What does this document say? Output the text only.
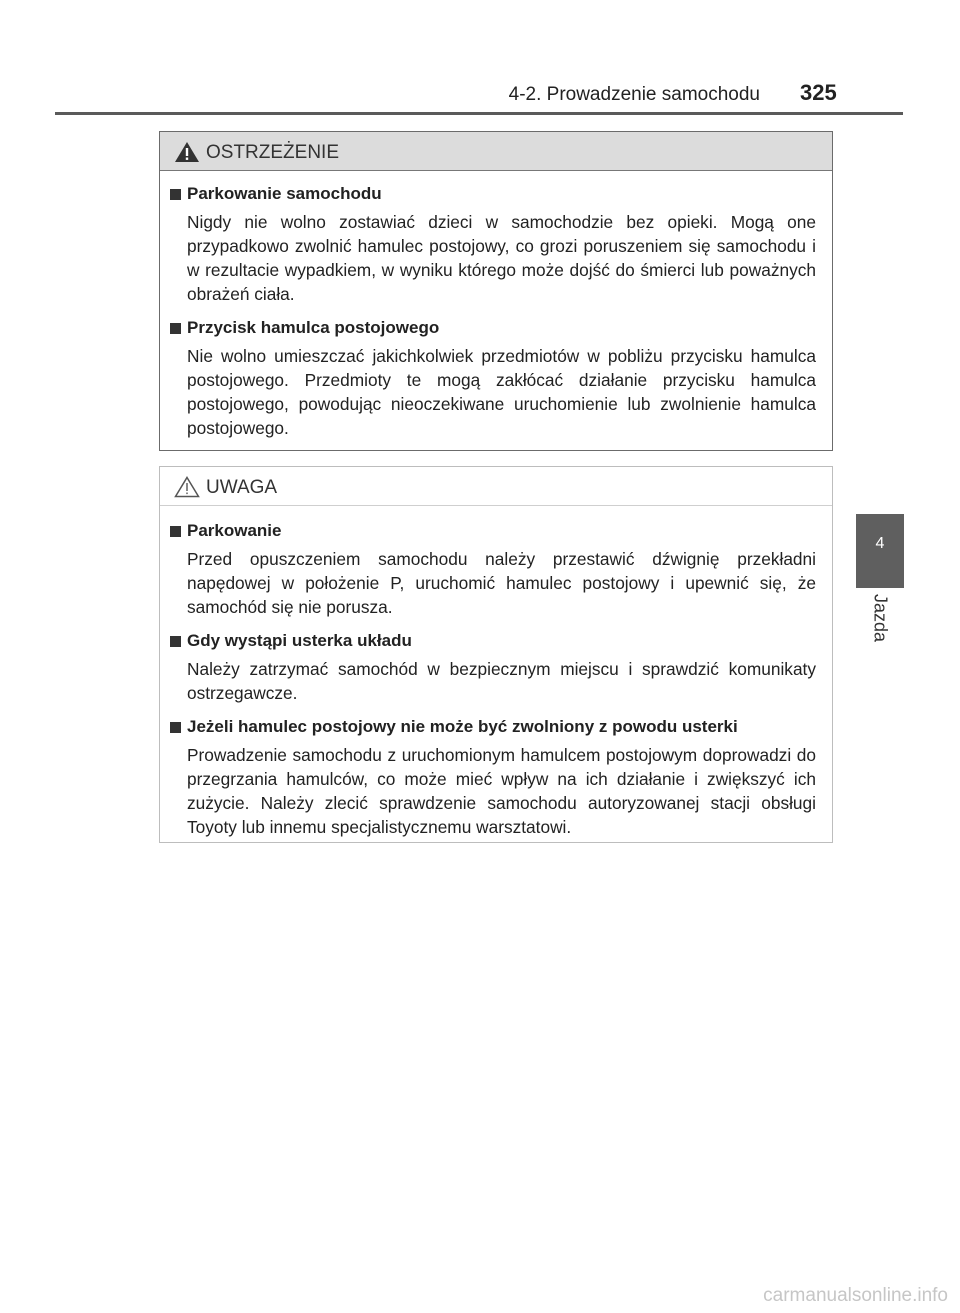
4-2. Prowadzenie samochodu 325
4
Jazda
OSTRZEŻENIE
Parkowanie samochodu
Nigdy nie wolno zostawiać dzieci w samochodzie bez opieki. Mogą one przypadkowo zwolnić hamulec postojowy, co grozi poruszeniem się samochodu i w rezultacie wypadkiem, w wyniku którego może dojść do śmierci lub poważnych obrażeń ciała.
Przycisk hamulca postojowego
Nie wolno umieszczać jakichkolwiek przedmiotów w pobliżu przycisku hamulca postojowego. Przedmioty te mogą zakłócać działanie przycisku hamulca postojowego, powodując nieoczekiwane uruchomienie lub zwolnienie hamulca postojowego.
UWAGA
Parkowanie
Przed opuszczeniem samochodu należy przestawić dźwignię przekładni napędowej w położenie P, uruchomić hamulec postojowy i upewnić się, że samochód się nie porusza.
Gdy wystąpi usterka układu
Należy zatrzymać samochód w bezpiecznym miejscu i sprawdzić komunikaty ostrzegawcze.
Jeżeli hamulec postojowy nie może być zwolniony z powodu usterki
Prowadzenie samochodu z uruchomionym hamulcem postojowym doprowadzi do przegrzania hamulców, co może mieć wpływ na ich działanie i zwiększyć ich zużycie. Należy zlecić sprawdzenie samochodu autoryzowanej stacji obsługi Toyoty lub innemu specjalistycznemu warsztatowi.
carmanualsonline.info
